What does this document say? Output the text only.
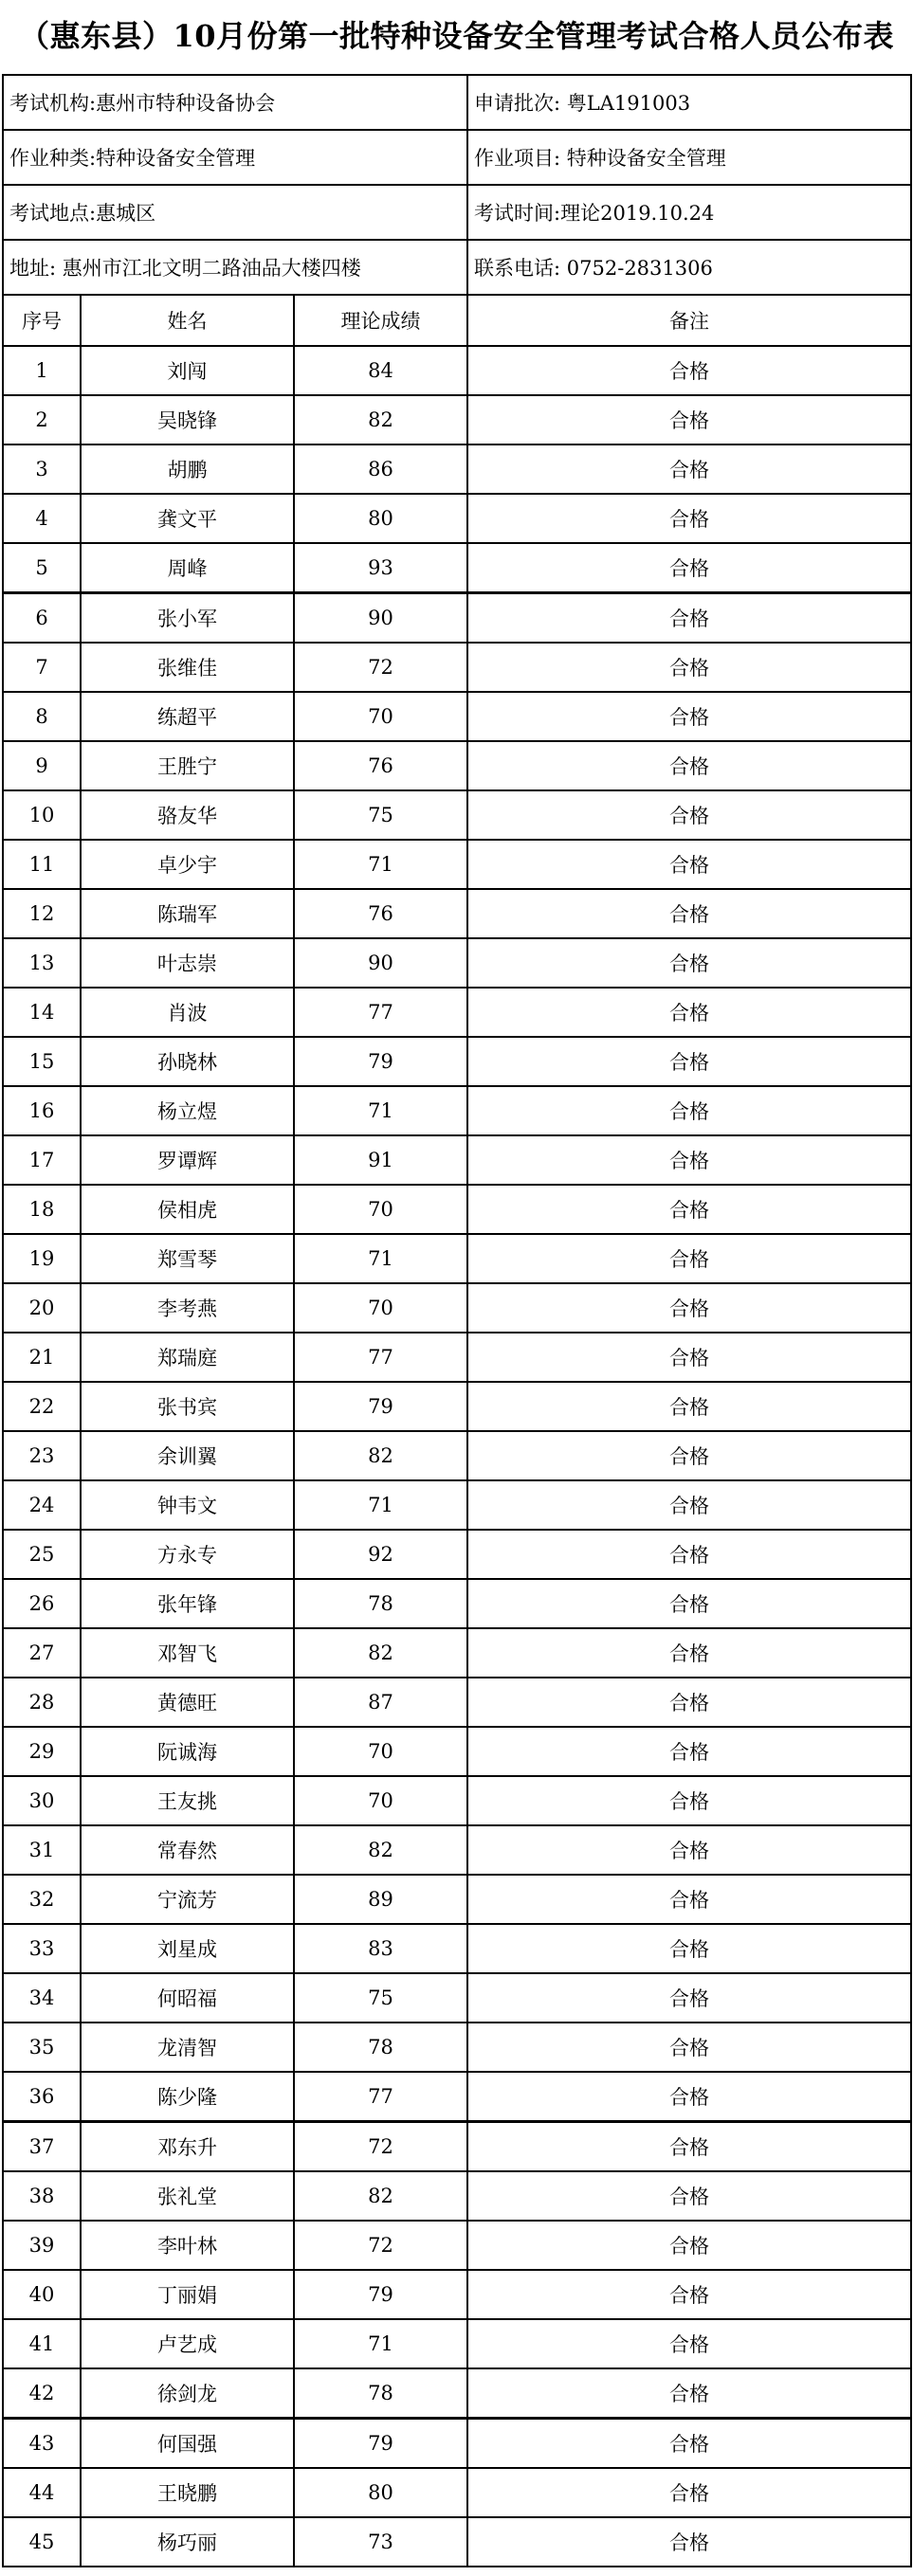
（惠东县）10月份第一批特种设备安全管理考试合格人员公布表
考试机构:惠州市特种设备协会			申请批次: 粤LA191003
作业种类:特种设备安全管理			作业项目: 特种设备安全管理
考试地点:惠城区			考试时间:理论2019.10.24
地址: 惠州市江北文明二路油品大楼四楼			联系电话: 0752-2831306
序号	姓名	理论成绩	备注
1	刘闯	84	合格
2	吴晓锋	82	合格
3	胡鹏	86	合格
4	龚文平	80	合格
5	周峰	93	合格
6	张小军	90	合格
7	张维佳	72	合格
8	练超平	70	合格
9	王胜宁	76	合格
10	骆友华	75	合格
11	卓少宇	71	合格
12	陈瑞军	76	合格
13	叶志崇	90	合格
14	肖波	77	合格
15	孙晓林	79	合格
16	杨立煜	71	合格
17	罗谭辉	91	合格
18	侯相虎	70	合格
19	郑雪琴	71	合格
20	李考燕	70	合格
21	郑瑞庭	77	合格
22	张书宾	79	合格
23	余训翼	82	合格
24	钟韦文	71	合格
25	方永专	92	合格
26	张年锋	78	合格
27	邓智飞	82	合格
28	黄德旺	87	合格
29	阮诚海	70	合格
30	王友挑	70	合格
31	常春然	82	合格
32	宁流芳	89	合格
33	刘星成	83	合格
34	何昭福	75	合格
35	龙清智	78	合格
36	陈少隆	77	合格
37	邓东升	72	合格
38	张礼堂	82	合格
39	李叶林	72	合格
40	丁丽娟	79	合格
41	卢艺成	71	合格
42	徐剑龙	78	合格
43	何国强	79	合格
44	王晓鹏	80	合格
45	杨巧丽	73	合格
